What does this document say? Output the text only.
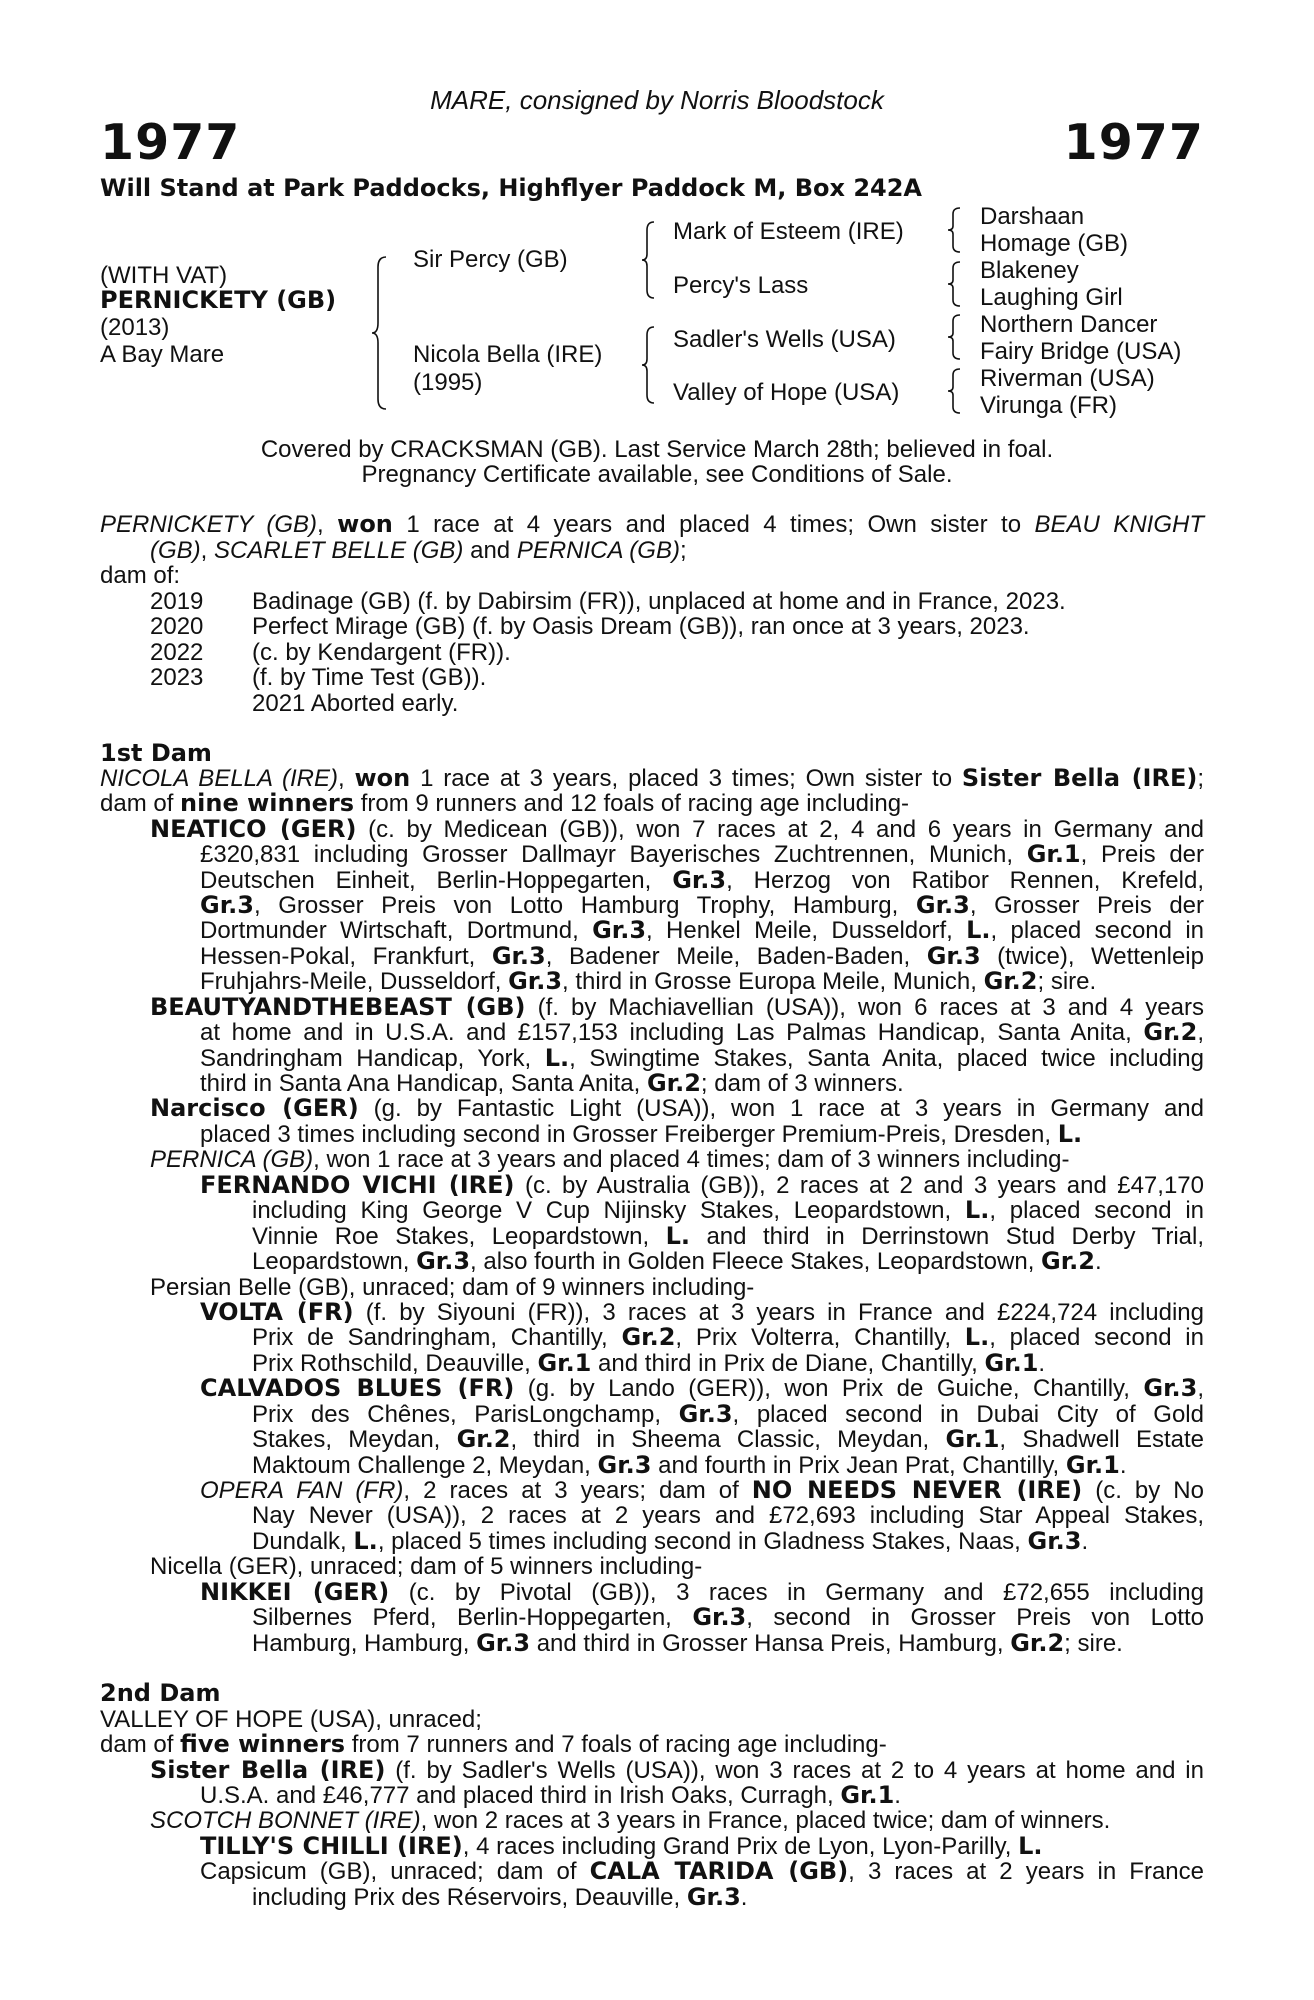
1977	1977
MARE, consigned by Norris Bloodstock
Will Stand at Park Paddocks, Highflyer Paddock M, Box 242A
(WITH VAT)
PERNICKETY (GB)
(2013)
A Bay Mare
Sir Percy (GB)
Nicola Bella (IRE)
(1995)
Mark of Esteem (IRE)
Percy's Lass
Sadler's Wells (USA)
Valley of Hope (USA)
Darshaan
Homage (GB)
Blakeney
Laughing Girl
Northern Dancer
Fairy Bridge (USA)
Riverman (USA)
Virunga (FR)
Covered by CRACKSMAN (GB). Last Service March 28th; believed in foal.
Pregnancy Certificate available, see Conditions of Sale.
PERNICKETY (GB), won 1 race at 4 years and placed 4 times; Own sister to BEAU KNIGHT
(GB), SCARLET BELLE (GB) and PERNICA (GB);
dam of:
2019 Badinage (GB) (f. by Dabirsim (FR)), unplaced at home and in France, 2023.
2020 Perfect Mirage (GB) (f. by Oasis Dream (GB)), ran once at 3 years, 2023.
2022 (c. by Kendargent (FR)).
2023 (f. by Time Test (GB)).
2021 Aborted early.
1st Dam
NICOLA BELLA (IRE), won 1 race at 3 years, placed 3 times; Own sister to Sister Bella (IRE);
dam of nine winners from 9 runners and 12 foals of racing age including-
NEATICO (GER) (c. by Medicean (GB)), won 7 races at 2, 4 and 6 years in Germany and
£320,831 including Grosser Dallmayr Bayerisches Zuchtrennen, Munich, Gr.1, Preis der
Deutschen Einheit, Berlin-Hoppegarten, Gr.3, Herzog von Ratibor Rennen, Krefeld,
Gr.3, Grosser Preis von Lotto Hamburg Trophy, Hamburg, Gr.3, Grosser Preis der
Dortmunder Wirtschaft, Dortmund, Gr.3, Henkel Meile, Dusseldorf, L., placed second in
Hessen-Pokal, Frankfurt, Gr.3, Badener Meile, Baden-Baden, Gr.3 (twice), Wettenleip
Fruhjahrs-Meile, Dusseldorf, Gr.3, third in Grosse Europa Meile, Munich, Gr.2; sire.
BEAUTYANDTHEBEAST (GB) (f. by Machiavellian (USA)), won 6 races at 3 and 4 years
at home and in U.S.A. and £157,153 including Las Palmas Handicap, Santa Anita, Gr.2,
Sandringham Handicap, York, L., Swingtime Stakes, Santa Anita, placed twice including
third in Santa Ana Handicap, Santa Anita, Gr.2; dam of 3 winners.
Narcisco (GER) (g. by Fantastic Light (USA)), won 1 race at 3 years in Germany and
placed 3 times including second in Grosser Freiberger Premium-Preis, Dresden, L.
PERNICA (GB), won 1 race at 3 years and placed 4 times; dam of 3 winners including-
FERNANDO VICHI (IRE) (c. by Australia (GB)), 2 races at 2 and 3 years and £47,170
including King George V Cup Nijinsky Stakes, Leopardstown, L., placed second in
Vinnie Roe Stakes, Leopardstown, L. and third in Derrinstown Stud Derby Trial,
Leopardstown, Gr.3, also fourth in Golden Fleece Stakes, Leopardstown, Gr.2.
Persian Belle (GB), unraced; dam of 9 winners including-
VOLTA (FR) (f. by Siyouni (FR)), 3 races at 3 years in France and £224,724 including
Prix de Sandringham, Chantilly, Gr.2, Prix Volterra, Chantilly, L., placed second in
Prix Rothschild, Deauville, Gr.1 and third in Prix de Diane, Chantilly, Gr.1.
CALVADOS BLUES (FR) (g. by Lando (GER)), won Prix de Guiche, Chantilly, Gr.3,
Prix des Chênes, ParisLongchamp, Gr.3, placed second in Dubai City of Gold
Stakes, Meydan, Gr.2, third in Sheema Classic, Meydan, Gr.1, Shadwell Estate
Maktoum Challenge 2, Meydan, Gr.3 and fourth in Prix Jean Prat, Chantilly, Gr.1.
OPERA FAN (FR), 2 races at 3 years; dam of NO NEEDS NEVER (IRE) (c. by No
Nay Never (USA)), 2 races at 2 years and £72,693 including Star Appeal Stakes,
Dundalk, L., placed 5 times including second in Gladness Stakes, Naas, Gr.3.
Nicella (GER), unraced; dam of 5 winners including-
NIKKEI (GER) (c. by Pivotal (GB)), 3 races in Germany and £72,655 including
Silbernes Pferd, Berlin-Hoppegarten, Gr.3, second in Grosser Preis von Lotto
Hamburg, Hamburg, Gr.3 and third in Grosser Hansa Preis, Hamburg, Gr.2; sire.
2nd Dam
VALLEY OF HOPE (USA), unraced;
dam of five winners from 7 runners and 7 foals of racing age including-
Sister Bella (IRE) (f. by Sadler's Wells (USA)), won 3 races at 2 to 4 years at home and in
U.S.A. and £46,777 and placed third in Irish Oaks, Curragh, Gr.1.
SCOTCH BONNET (IRE), won 2 races at 3 years in France, placed twice; dam of winners.
TILLY'S CHILLI (IRE), 4 races including Grand Prix de Lyon, Lyon-Parilly, L.
Capsicum (GB), unraced; dam of CALA TARIDA (GB), 3 races at 2 years in France
including Prix des Réservoirs, Deauville, Gr.3.
